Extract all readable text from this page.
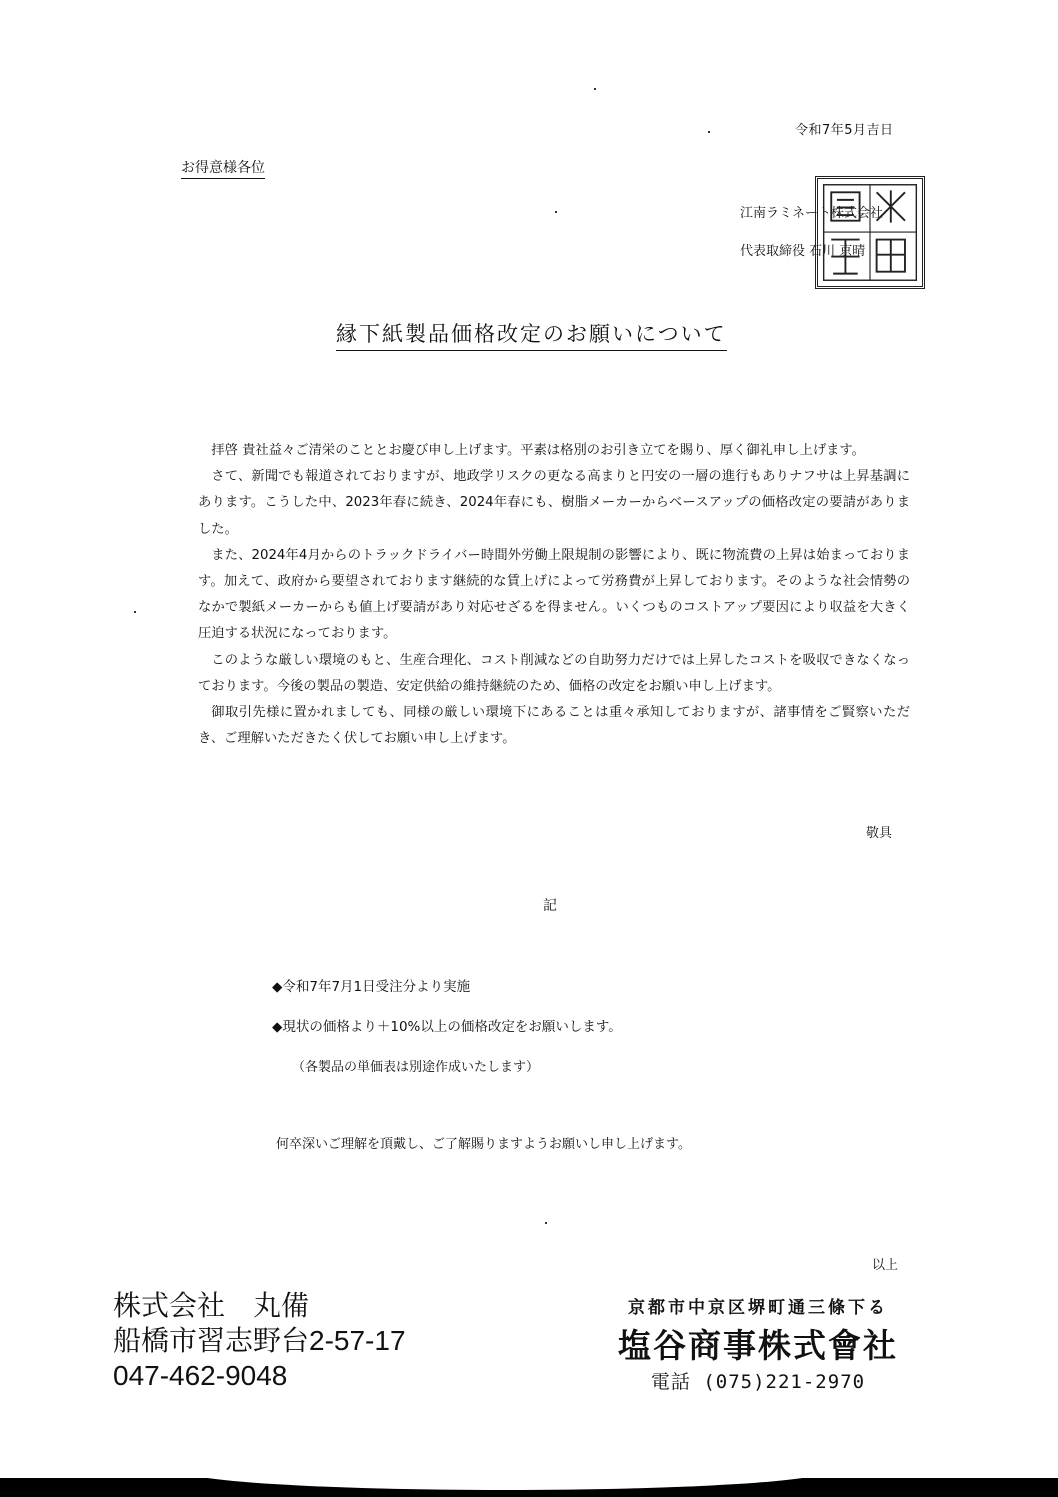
令和7年5月吉日
お得意様各位
江南ラミネート株式会社
代表取締役 石川 京晴
縁下紙製品価格改定のお願いについて

拝啓 貴社益々ご清栄のこととお慶び申し上げます。平素は格別のお引き立てを賜り、厚く御礼申し上げます。

さて、新聞でも報道されておりますが、地政学リスクの更なる高まりと円安の一層の進行もありナフサは上昇基調にあります。こうした中、2023年春に続き、2024年春にも、樹脂メーカーからベースアップの価格改定の要請がありました。

また、2024年4月からのトラックドライバー時間外労働上限規制の影響により、既に物流費の上昇は始まっております。加えて、政府から要望されております継続的な賃上げによって労務費が上昇しております。そのような社会情勢のなかで製紙メーカーからも値上げ要請があり対応せざるを得ません。いくつものコストアップ要因により収益を大きく圧迫する状況になっております。

このような厳しい環境のもと、生産合理化、コスト削減などの自助努力だけでは上昇したコストを吸収できなくなっております。今後の製品の製造、安定供給の維持継続のため、価格の改定をお願い申し上げます。

御取引先様に置かれましても、同様の厳しい環境下にあることは重々承知しておりますが、諸事情をご賢察いただき、ご理解いただきたく伏してお願い申し上げます。

敬具
記
◆令和7年7月1日受注分より実施
◆現状の価格より＋10%以上の価格改定をお願いします。
（各製品の単価表は別途作成いたします）
何卒深いご理解を頂戴し、ご了解賜りますようお願いし申し上げます。
以上
株式会社　丸備
船橋市習志野台2-57-17
047-462-9048
京都市中京区堺町通三條下る
塩谷商事株式會社
電話 (075)221-2970
